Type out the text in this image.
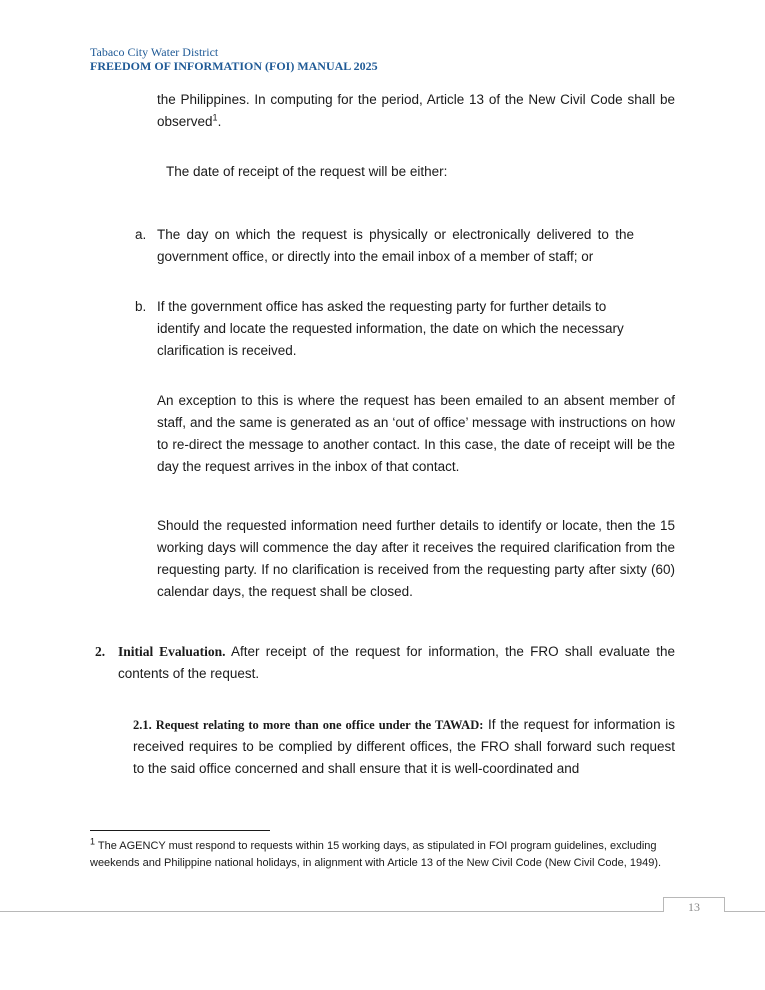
Tabaco City Water District
FREEDOM OF INFORMATION (FOI) MANUAL 2025
the Philippines. In computing for the period, Article 13 of the New Civil Code shall be observed$^1$.
The date of receipt of the request will be either:
a. The day on which the request is physically or electronically delivered to the government office, or directly into the email inbox of a member of staff; or
b. If the government office has asked the requesting party for further details to identify and locate the requested information, the date on which the necessary clarification is received.
An exception to this is where the request has been emailed to an absent member of staff, and the same is generated as an ‘out of office’ message with instructions on how to re-direct the message to another contact. In this case, the date of receipt will be the day the request arrives in the inbox of that contact.
Should the requested information need further details to identify or locate, then the 15 working days will commence the day after it receives the required clarification from the requesting party. If no clarification is received from the requesting party after sixty (60) calendar days, the request shall be closed.
2. Initial Evaluation. After receipt of the request for information, the FRO shall evaluate the contents of the request.
2.1. Request relating to more than one office under the TAWAD: If the request for information is received requires to be complied by different offices, the FRO shall forward such request to the said office concerned and shall ensure that it is well-coordinated and
$^1$ The AGENCY must respond to requests within 15 working days, as stipulated in FOI program guidelines, excluding weekends and Philippine national holidays, in alignment with Article 13 of the New Civil Code (New Civil Code, 1949).
13
